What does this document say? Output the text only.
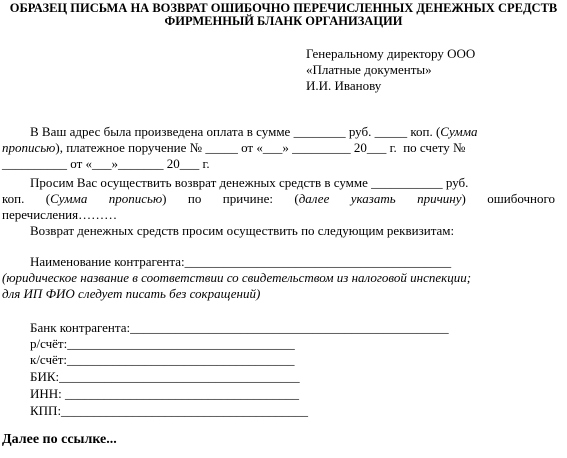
ОБРАЗЕЦ ПИСЬМА НА ВОЗВРАТ ОШИБОЧНО ПЕРЕЧИСЛЕННЫХ ДЕНЕЖНЫХ СРЕДСТВ
ФИРМЕННЫЙ БЛАНК ОРГАНИЗАЦИИ
Генеральному директору ООО
«Платные документы»
И.И. Иванову
В Ваш адрес была произведена оплата в сумме ________ руб. _____ коп. (Сумма
прописью), платежное поручение № _____ от «___» _________ 20___ г.  по счету №
__________ от «___»_______ 20___ г.
Просим Вас осуществить возврат денежных средств в сумме ___________ руб.
коп. (Сумма прописью) по причине: (далее указать причину) ошибочного
перечисления………
Возврат денежных средств просим осуществить по следующим реквизитам:
Наименование контрагента:_________________________________________
(юридическое название в соответствии со свидетельством из налоговой инспекции;
для ИП ФИО следует писать без сокращений)
Банк контрагента:_________________________________________________
р/счёт:___________________________________
к/счёт:___________________________________
БИК:_____________________________________
ИНН: ____________________________________
КПП:______________________________________
Далее по ссылке...
